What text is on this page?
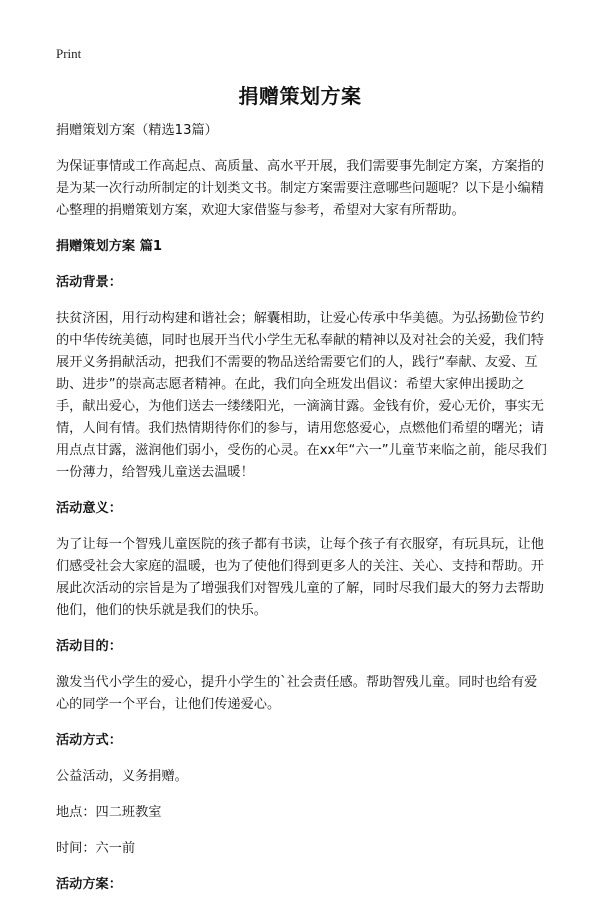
Print
捐赠策划方案

捐赠策划方案（精选13篇）

为保证事情或工作高起点、高质量、高水平开展，我们需要事先制定方案，方案指的是为某一次行动所制定的计划类文书。制定方案需要注意哪些问题呢？以下是小编精心整理的捐赠策划方案，欢迎大家借鉴与参考，希望对大家有所帮助。

捐赠策划方案 篇1

活动背景：

扶贫济困，用行动构建和谐社会；解囊相助，让爱心传承中华美德。为弘扬勤俭节约的中华传统美德，同时也展开当代小学生无私奉献的精神以及对社会的关爱，我们特展开义务捐献活动，把我们不需要的物品送给需要它们的人，践行“奉献、友爱、互助、进步”的崇高志愿者精神。在此，我们向全班发出倡议：希望大家伸出援助之手，献出爱心，为他们送去一缕缕阳光，一滴滴甘露。金钱有价，爱心无价，事实无情，人间有情。我们热情期待你们的参与，请用您悠爱心，点燃他们希望的曙光；请用点点甘露，滋润他们弱小，受伤的心灵。在xx年“六一”儿童节来临之前，能尽我们一份薄力，给智残儿童送去温暖！

活动意义：

为了让每一个智残儿童医院的孩子都有书读，让每个孩子有衣服穿，有玩具玩，让他们感受社会大家庭的温暖，也为了使他们得到更多人的关注、关心、支持和帮助。开展此次活动的宗旨是为了增强我们对智残儿童的了解，同时尽我们最大的努力去帮助他们，他们的快乐就是我们的快乐。

活动目的：

激发当代小学生的爱心，提升小学生的`社会责任感。帮助智残儿童。同时也给有爱心的同学一个平台，让他们传递爱心。

活动方式：

公益活动，义务捐赠。

地点：四二班教室

时间：六一前

活动方案：
